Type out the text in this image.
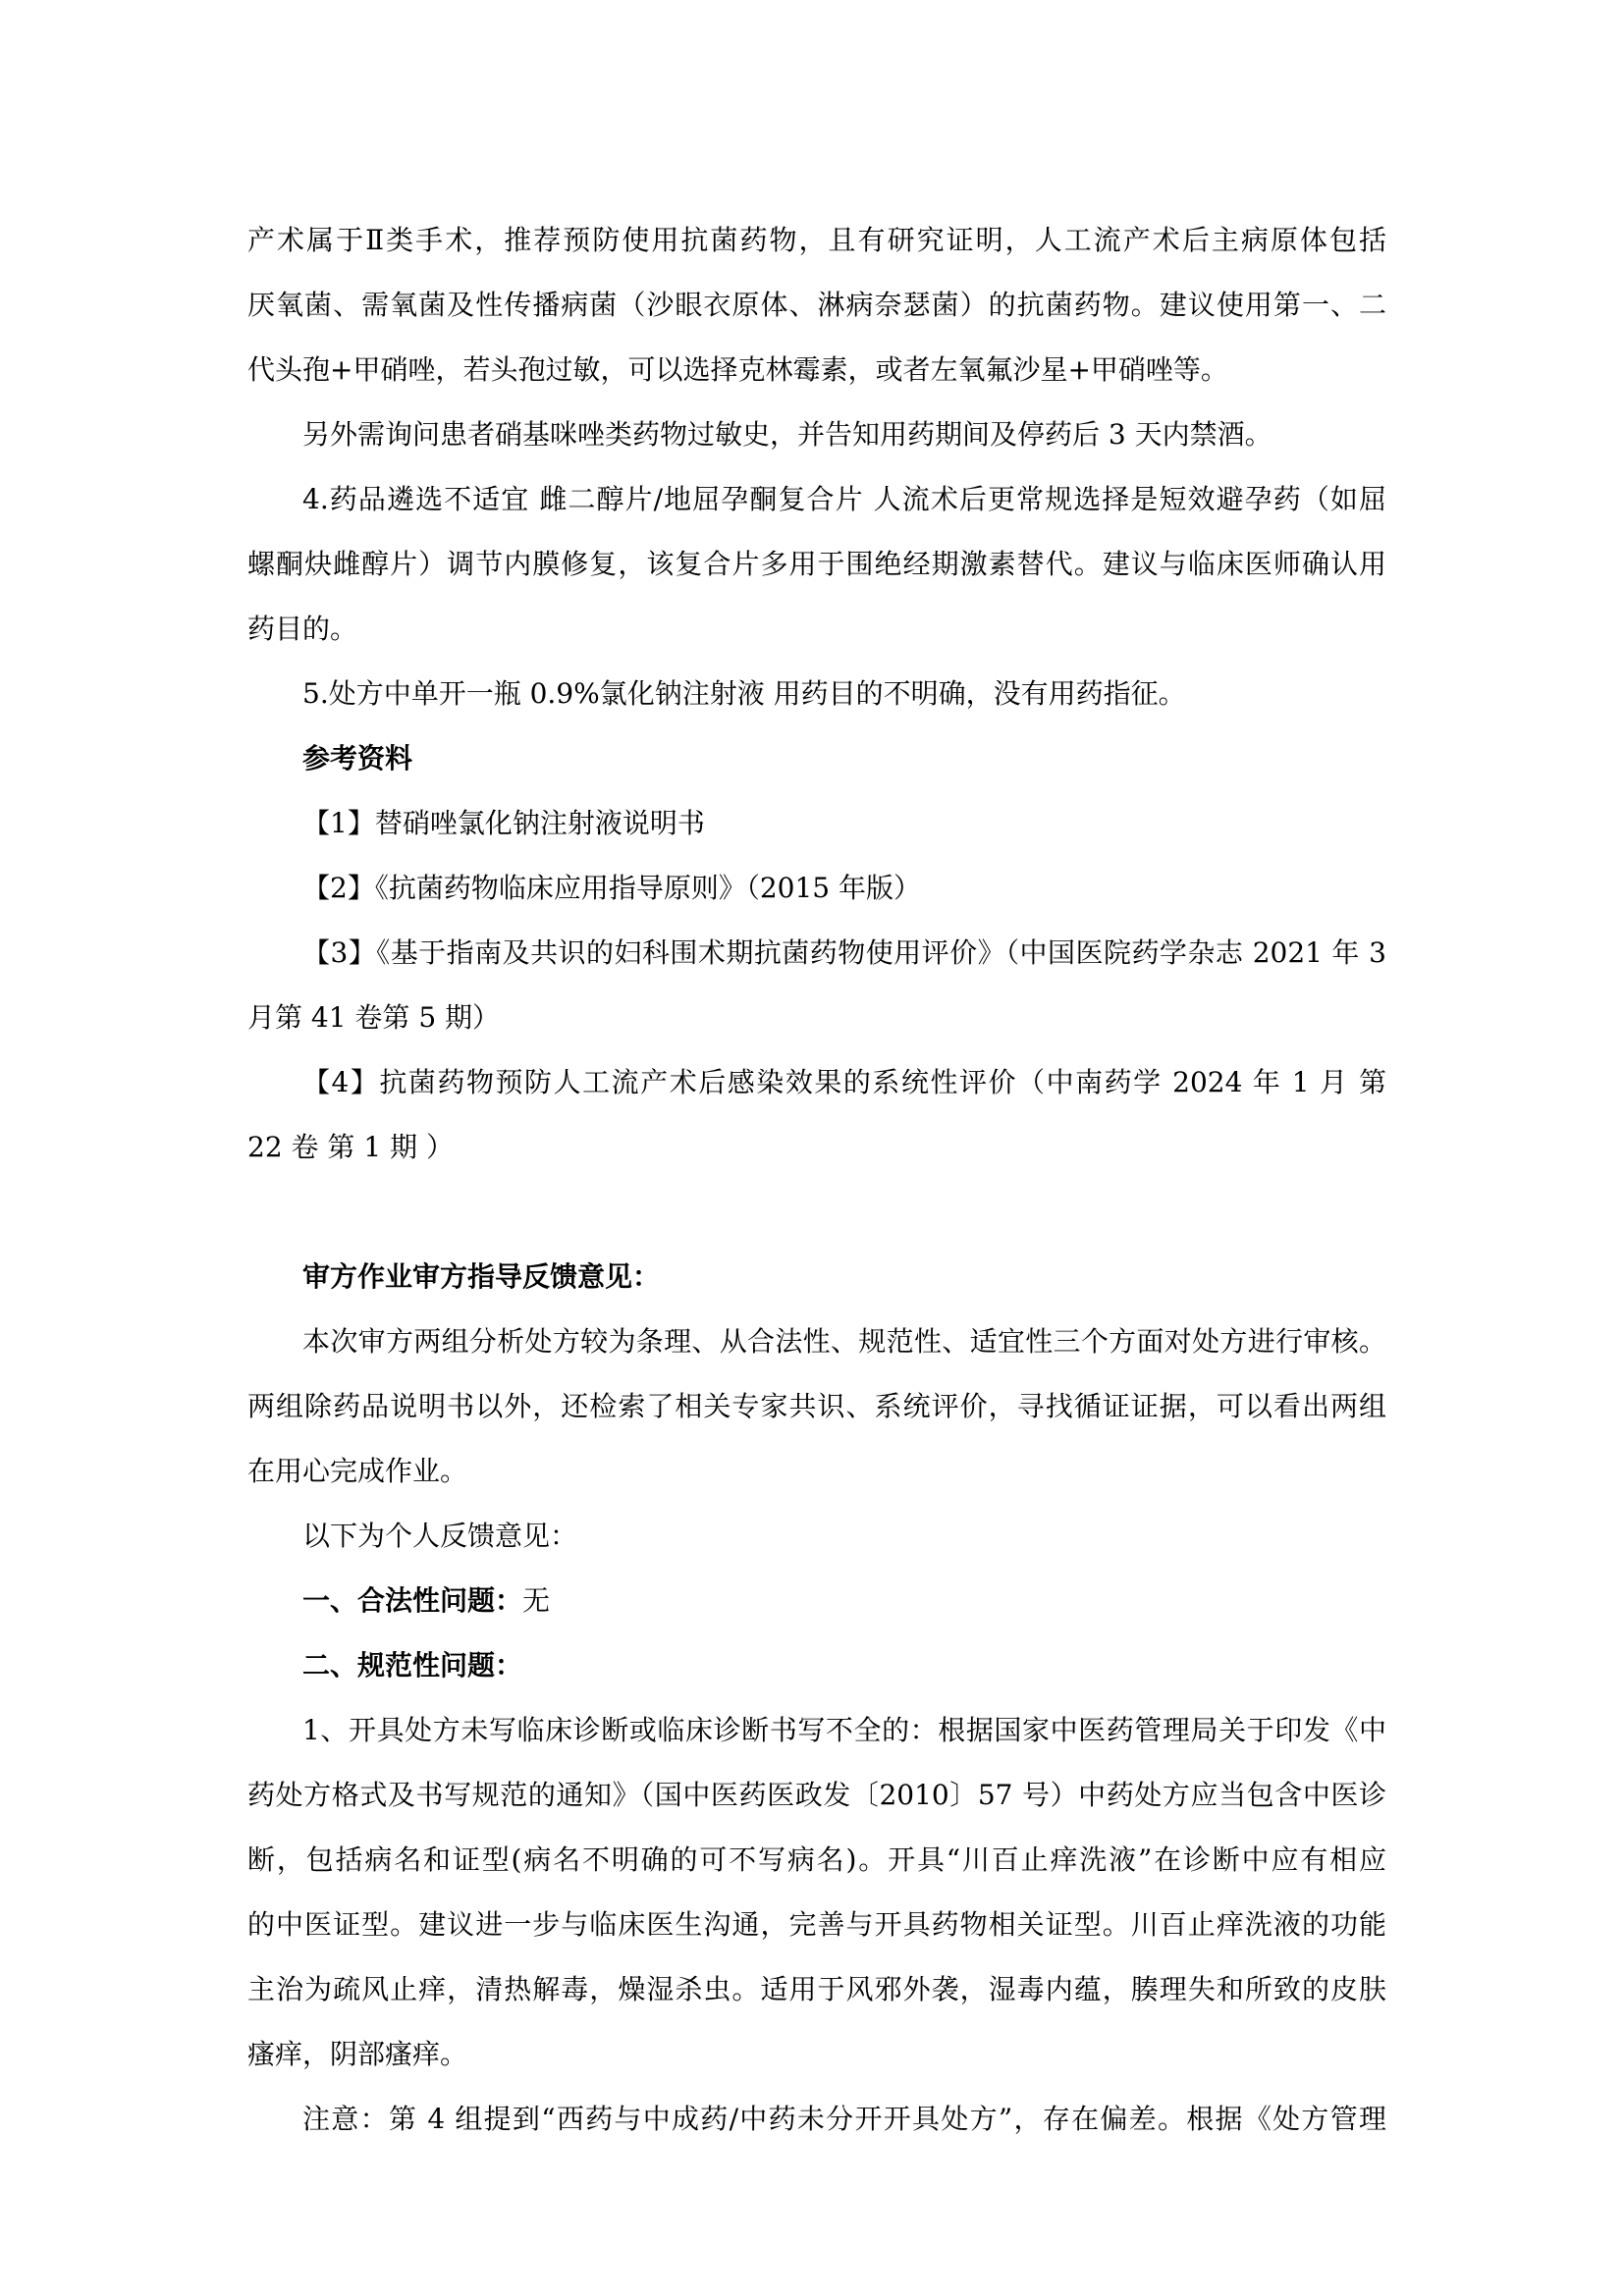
产术属于Ⅱ类手术，推荐预防使用抗菌药物，且有研究证明，人工流产术后主病原体包括
厌氧菌、需氧菌及性传播病菌（沙眼衣原体、淋病奈瑟菌）的抗菌药物。建议使用第一、二
代头孢+甲硝唑，若头孢过敏，可以选择克林霉素，或者左氧氟沙星+甲硝唑等。
另外需询问患者硝基咪唑类药物过敏史，并告知用药期间及停药后 3 天内禁酒。
4.药品遴选不适宜 雌二醇片/地屈孕酮复合片 人流术后更常规选择是短效避孕药（如屈
螺酮炔雌醇片）调节内膜修复，该复合片多用于围绝经期激素替代。建议与临床医师确认用
药目的。
5.处方中单开一瓶 0.9%氯化钠注射液 用药目的不明确，没有用药指征。
参考资料
【1】替硝唑氯化钠注射液说明书
【2】《抗菌药物临床应用指导原则》（2015 年版）
【3】《基于指南及共识的妇科围术期抗菌药物使用评价》（中国医院药学杂志 2021 年 3
月第 41 卷第 5 期）
【4】抗菌药物预防人工流产术后感染效果的系统性评价（中南药学 2024 年 1 月 第
22 卷 第 1 期 ）
审方作业审方指导反馈意见：
本次审方两组分析处方较为条理、从合法性、规范性、适宜性三个方面对处方进行审核。
两组除药品说明书以外，还检索了相关专家共识、系统评价，寻找循证证据，可以看出两组
在用心完成作业。
以下为个人反馈意见：
一、合法性问题：无
二、规范性问题：
1、开具处方未写临床诊断或临床诊断书写不全的：根据国家中医药管理局关于印发《中
药处方格式及书写规范的通知》（国中医药医政发〔2010〕57 号）中药处方应当包含中医诊
断，包括病名和证型(病名不明确的可不写病名)。开具“川百止痒洗液”在诊断中应有相应
的中医证型。建议进一步与临床医生沟通，完善与开具药物相关证型。川百止痒洗液的功能
主治为疏风止痒，清热解毒，燥湿杀虫。适用于风邪外袭，湿毒内蕴，腠理失和所致的皮肤
瘙痒，阴部瘙痒。
注意：第 4 组提到“西药与中成药/中药未分开开具处方”，存在偏差。根据《处方管理
